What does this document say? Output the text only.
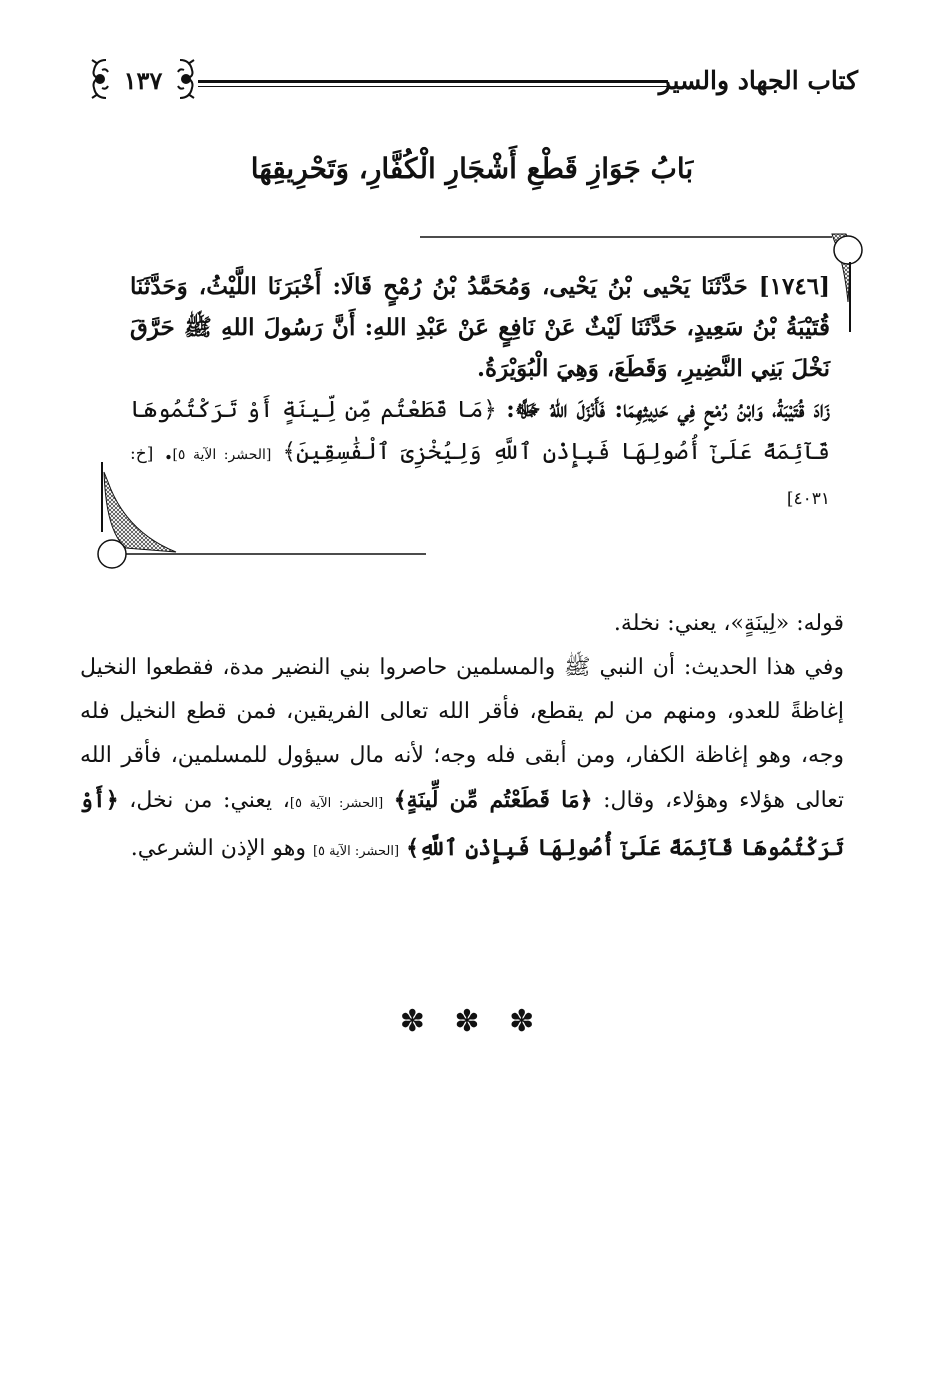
كتاب الجهاد والسير
١٣٧
بَابُ جَوَازِ قَطْعِ أَشْجَارِ الْكُفَّارِ، وَتَحْرِيقِهَا

[١٧٤٦] حَدَّثَنَا يَحْيى بْنُ يَحْيى، وَمُحَمَّدُ بْنُ رُمْحٍ قَالَا: أَخْبَرَنَا اللَّيْثُ، وَحَدَّثَنَا قُتَيْبَةُ بْنُ سَعِيدٍ، حَدَّثَنَا لَيْثٌ عَنْ نَافِعٍ عَنْ عَبْدِ اللهِ: أَنَّ رَسُولَ اللهِ ﷺ حَرَّقَ نَخْلَ بَنِي النَّضِيرِ، وَقَطَعَ، وَهِيَ الْبُوَيْرَةُ.

زَادَ قُتَيْبَةُ، وَابْنُ رُمْحٍ فِي حَدِيثِهِمَا: فَأَنْزَلَ اللهُ ﷻ: ﴿مَا قَطَعْتُم مِّن لِّينَةٍ أَوْ تَرَكْتُمُوهَا قَآئِمَةً عَلَىٰٓ أُصُولِهَا فَبِإِذْنِ ٱللَّهِ وَلِيُخْزِىَ ٱلْفَٰسِقِينَ﴾ [الحشر: الآية ٥]. [خ: ٤٠٣١]

قوله: «لِينَةٍ»، يعني: نخلة.

وفي هذا الحديث: أن النبي ﷺ والمسلمين حاصروا بني النضير مدة، فقطعوا النخيل إغاظةً للعدو، ومنهم من لم يقطع، فأقر الله تعالى الفريقين، فمن قطع النخيل فله وجه، وهو إغاظة الكفار، ومن أبقى فله وجه؛ لأنه مال سيؤول للمسلمين، فأقر الله تعالى هؤلاء وهؤلاء، وقال: ﴿مَا قَطَعْتُم مِّن لِّينَةٍ﴾ [الحشر: الآية ٥]، يعني: من نخل، ﴿أَوْ تَرَكْتُمُوهَا قَآئِمَةً عَلَىٰٓ أُصُولِهَا فَبِإِذْنِ ٱللَّهِ﴾ [الحشر: الآية ٥] وهو الإذن الشرعي.

✽ ✽ ✽
